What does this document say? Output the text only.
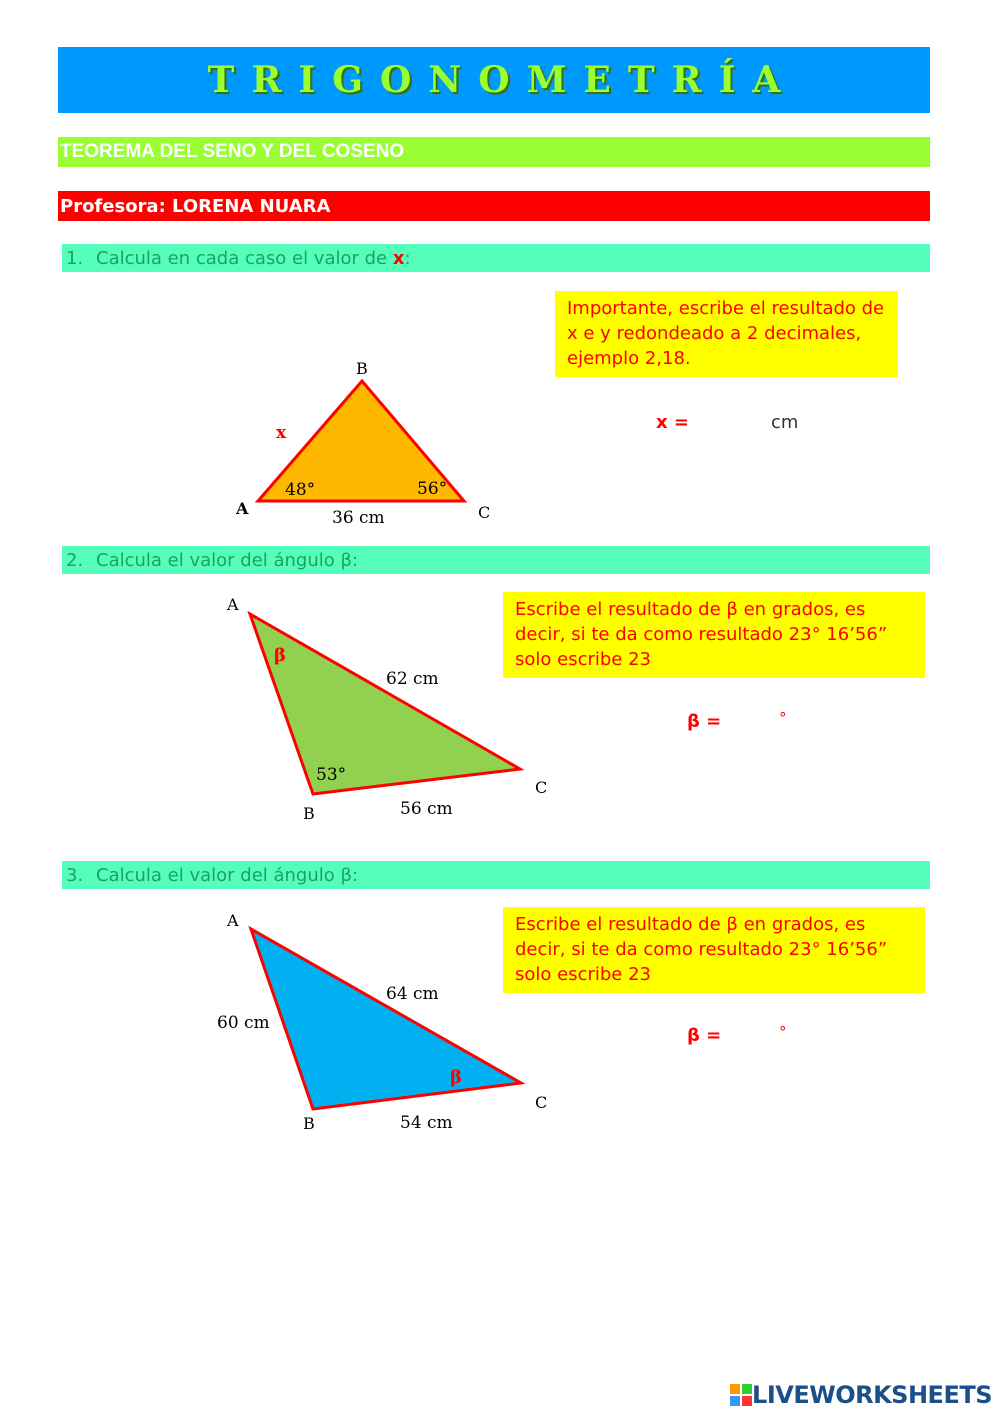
TRIGONOMETRÍA
TEOREMA DEL SENO Y DEL COSENO
Profesora: LORENA NUARA
1. Calcula en cada caso el valor de x:
Importante, escribe el resultado de x e y redondeado a 2 decimales, ejemplo 2,18.
B
A	C
x
48°	56°
36 cm
A
B
C
β
53°
62 cm
56 cm
A
B
C
β
60 cm
64 cm
54 cm
x =	cm
2. Calcula el valor del ángulo β:
Escribe el resultado de β en grados, es decir, si te da como resultado 23° 16’56” solo escribe 23
β =	°
3. Calcula el valor del ángulo β:
Escribe el resultado de β en grados, es decir, si te da como resultado 23° 16’56” solo escribe 23
β =	°
LIVEWORKSHEETS
